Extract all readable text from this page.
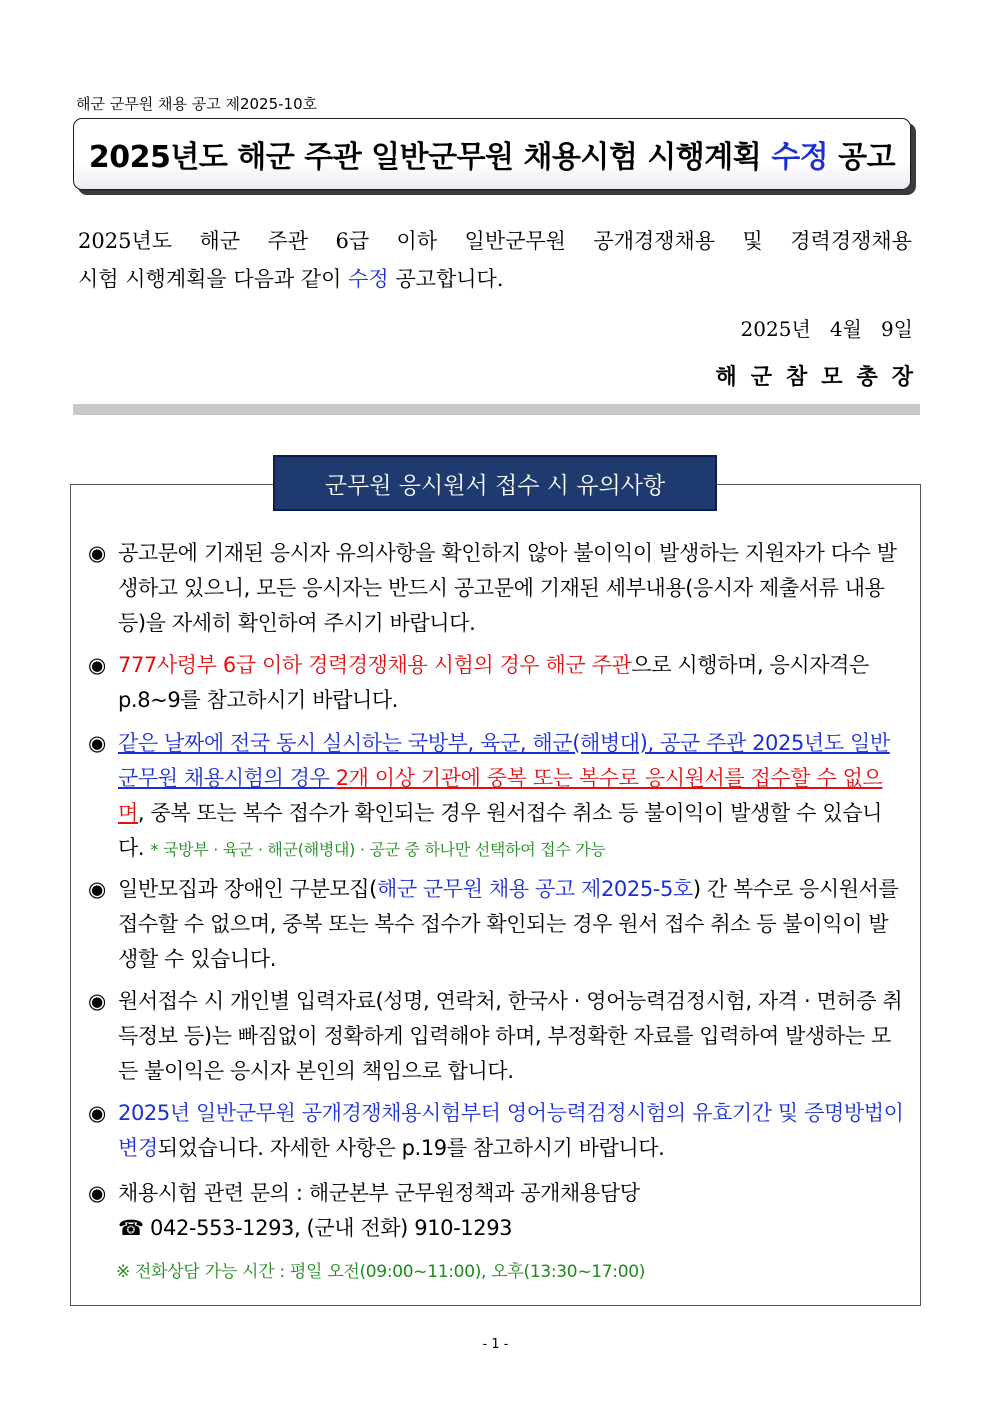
해군 군무원 채용 공고 제2025-10호
2025년도 해군 주관 일반군무원 채용시험 시행계획 수정 공고
2025년도 해군 주관 6급 이하 일반군무원 공개경쟁채용 및 경력경쟁채용
시험 시행계획을 다음과 같이 수정 공고합니다.
2025년   4월   9일
해군참모총장
군무원 응시원서 접수 시 유의사항
◉ 공고문에 기재된 응시자 유의사항을 확인하지 않아 불이익이 발생하는 지원자가 다수 발생하고 있으니, 모든 응시자는 반드시 공고문에 기재된 세부내용(응시자 제출서류 내용 등)을 자세히 확인하여 주시기 바랍니다.
◉ 777사령부 6급 이하 경력경쟁채용 시험의 경우 해군 주관으로 시행하며, 응시자격은 p.8~9를 참고하시기 바랍니다.
◉ 같은 날짜에 전국 동시 실시하는 국방부, 육군, 해군(해병대), 공군 주관 2025년도 일반군무원 채용시험의 경우 2개 이상 기관에 중복 또는 복수로 응시원서를 접수할 수 없으며, 중복 또는 복수 접수가 확인되는 경우 원서접수 취소 등 불이익이 발생할 수 있습니다. * 국방부 · 육군 · 해군(해병대) · 공군 중 하나만 선택하여 접수 가능
◉ 일반모집과 장애인 구분모집(해군 군무원 채용 공고 제2025-5호) 간 복수로 응시원서를 접수할 수 없으며, 중복 또는 복수 접수가 확인되는 경우 원서 접수 취소 등 불이익이 발생할 수 있습니다.
◉ 원서접수 시 개인별 입력자료(성명, 연락처, 한국사 · 영어능력검정시험, 자격 · 면허증 취득정보 등)는 빠짐없이 정확하게 입력해야 하며, 부정확한 자료를 입력하여 발생하는 모든 불이익은 응시자 본인의 책임으로 합니다.
◉ 2025년 일반군무원 공개경쟁채용시험부터 영어능력검정시험의 유효기간 및 증명방법이 변경되었습니다. 자세한 사항은 p.19를 참고하시기 바랍니다.
◉ 채용시험 관련 문의 : 해군본부 군무원정책과 공개채용담당
☎ 042-553-1293, (군내 전화) 910-1293
※ 전화상담 가능 시간 : 평일 오전(09:00~11:00), 오후(13:30~17:00)
- 1 -
